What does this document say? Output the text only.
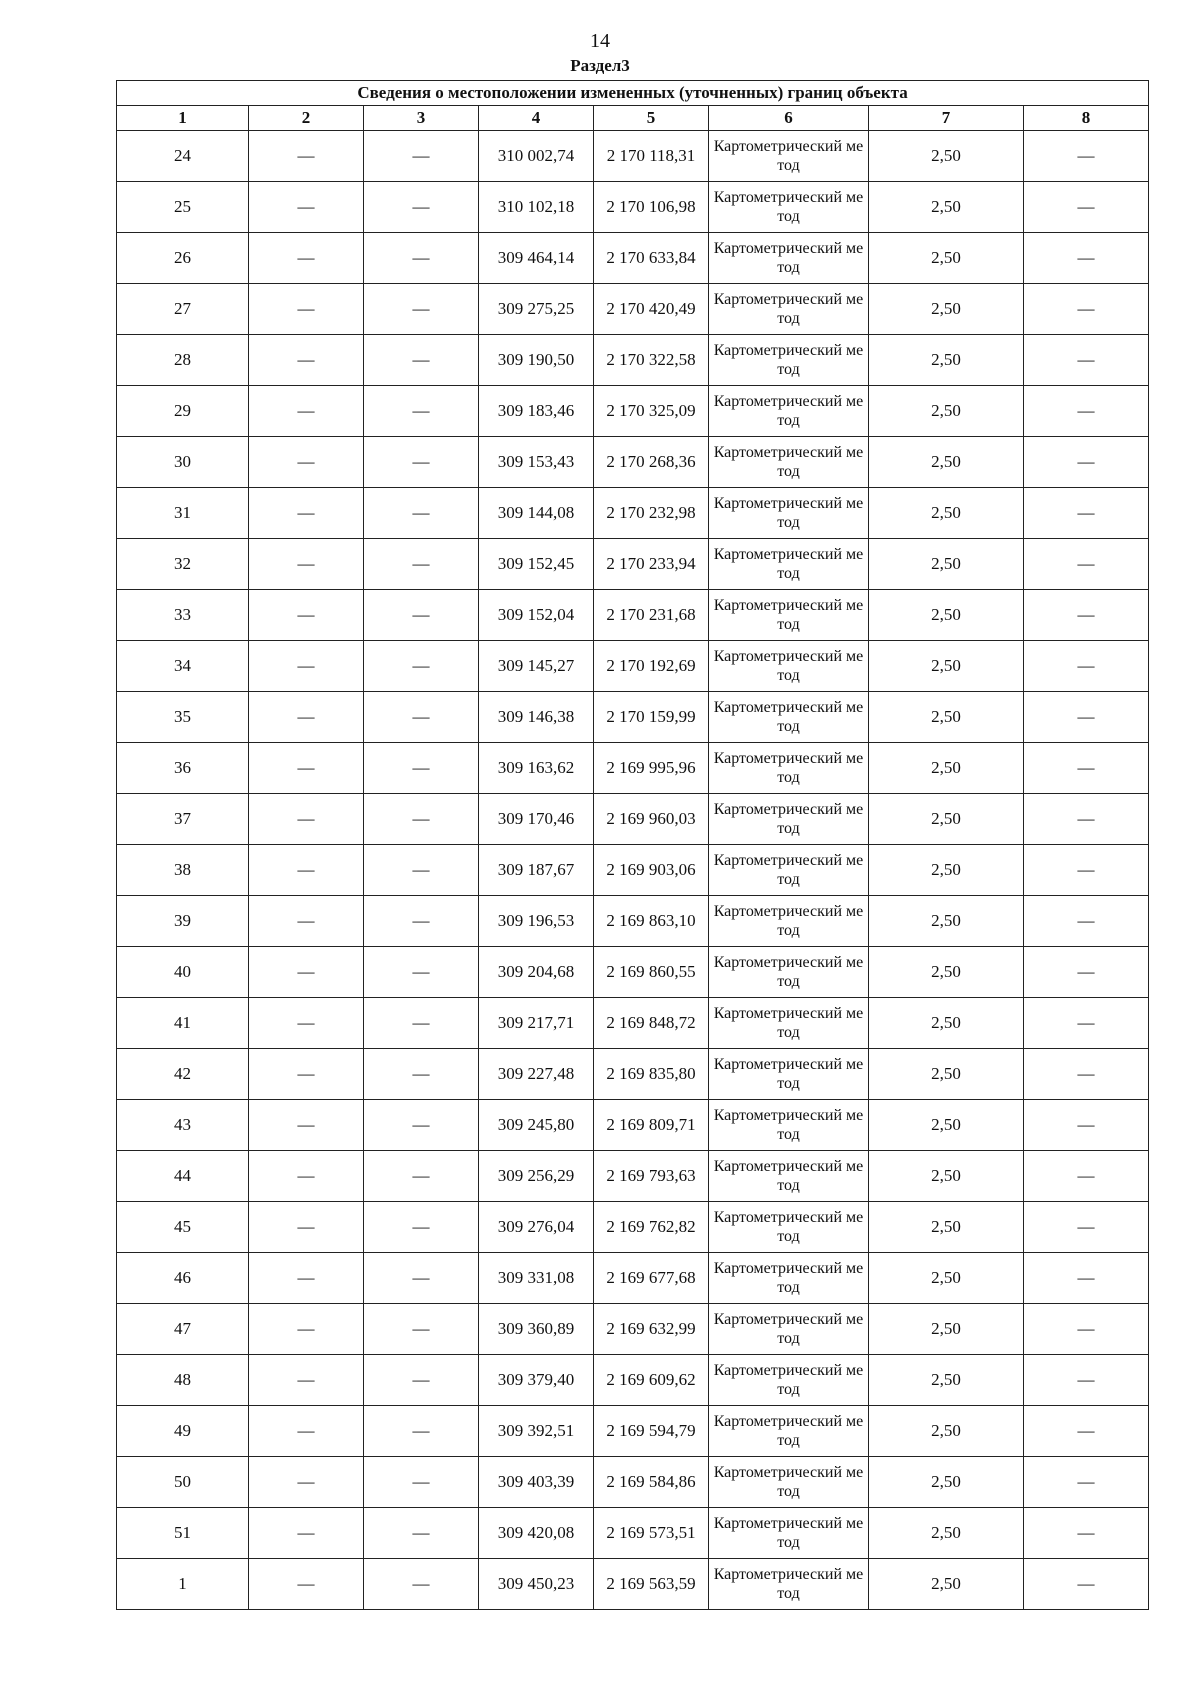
14
Раздел3
Сведения о местоположении измененных (уточненных) границ объекта							
1	2	3	4	5	6	7	8
24	—	—	310 002,74	2 170 118,31	Картометрический метод	2,50	—
25	—	—	310 102,18	2 170 106,98	Картометрический метод	2,50	—
26	—	—	309 464,14	2 170 633,84	Картометрический метод	2,50	—
27	—	—	309 275,25	2 170 420,49	Картометрический метод	2,50	—
28	—	—	309 190,50	2 170 322,58	Картометрический метод	2,50	—
29	—	—	309 183,46	2 170 325,09	Картометрический метод	2,50	—
30	—	—	309 153,43	2 170 268,36	Картометрический метод	2,50	—
31	—	—	309 144,08	2 170 232,98	Картометрический метод	2,50	—
32	—	—	309 152,45	2 170 233,94	Картометрический метод	2,50	—
33	—	—	309 152,04	2 170 231,68	Картометрический метод	2,50	—
34	—	—	309 145,27	2 170 192,69	Картометрический метод	2,50	—
35	—	—	309 146,38	2 170 159,99	Картометрический метод	2,50	—
36	—	—	309 163,62	2 169 995,96	Картометрический метод	2,50	—
37	—	—	309 170,46	2 169 960,03	Картометрический метод	2,50	—
38	—	—	309 187,67	2 169 903,06	Картометрический метод	2,50	—
39	—	—	309 196,53	2 169 863,10	Картометрический метод	2,50	—
40	—	—	309 204,68	2 169 860,55	Картометрический метод	2,50	—
41	—	—	309 217,71	2 169 848,72	Картометрический метод	2,50	—
42	—	—	309 227,48	2 169 835,80	Картометрический метод	2,50	—
43	—	—	309 245,80	2 169 809,71	Картометрический метод	2,50	—
44	—	—	309 256,29	2 169 793,63	Картометрический метод	2,50	—
45	—	—	309 276,04	2 169 762,82	Картометрический метод	2,50	—
46	—	—	309 331,08	2 169 677,68	Картометрический метод	2,50	—
47	—	—	309 360,89	2 169 632,99	Картометрический метод	2,50	—
48	—	—	309 379,40	2 169 609,62	Картометрический метод	2,50	—
49	—	—	309 392,51	2 169 594,79	Картометрический метод	2,50	—
50	—	—	309 403,39	2 169 584,86	Картометрический метод	2,50	—
51	—	—	309 420,08	2 169 573,51	Картометрический метод	2,50	—
1	—	—	309 450,23	2 169 563,59	Картометрический метод	2,50	—
